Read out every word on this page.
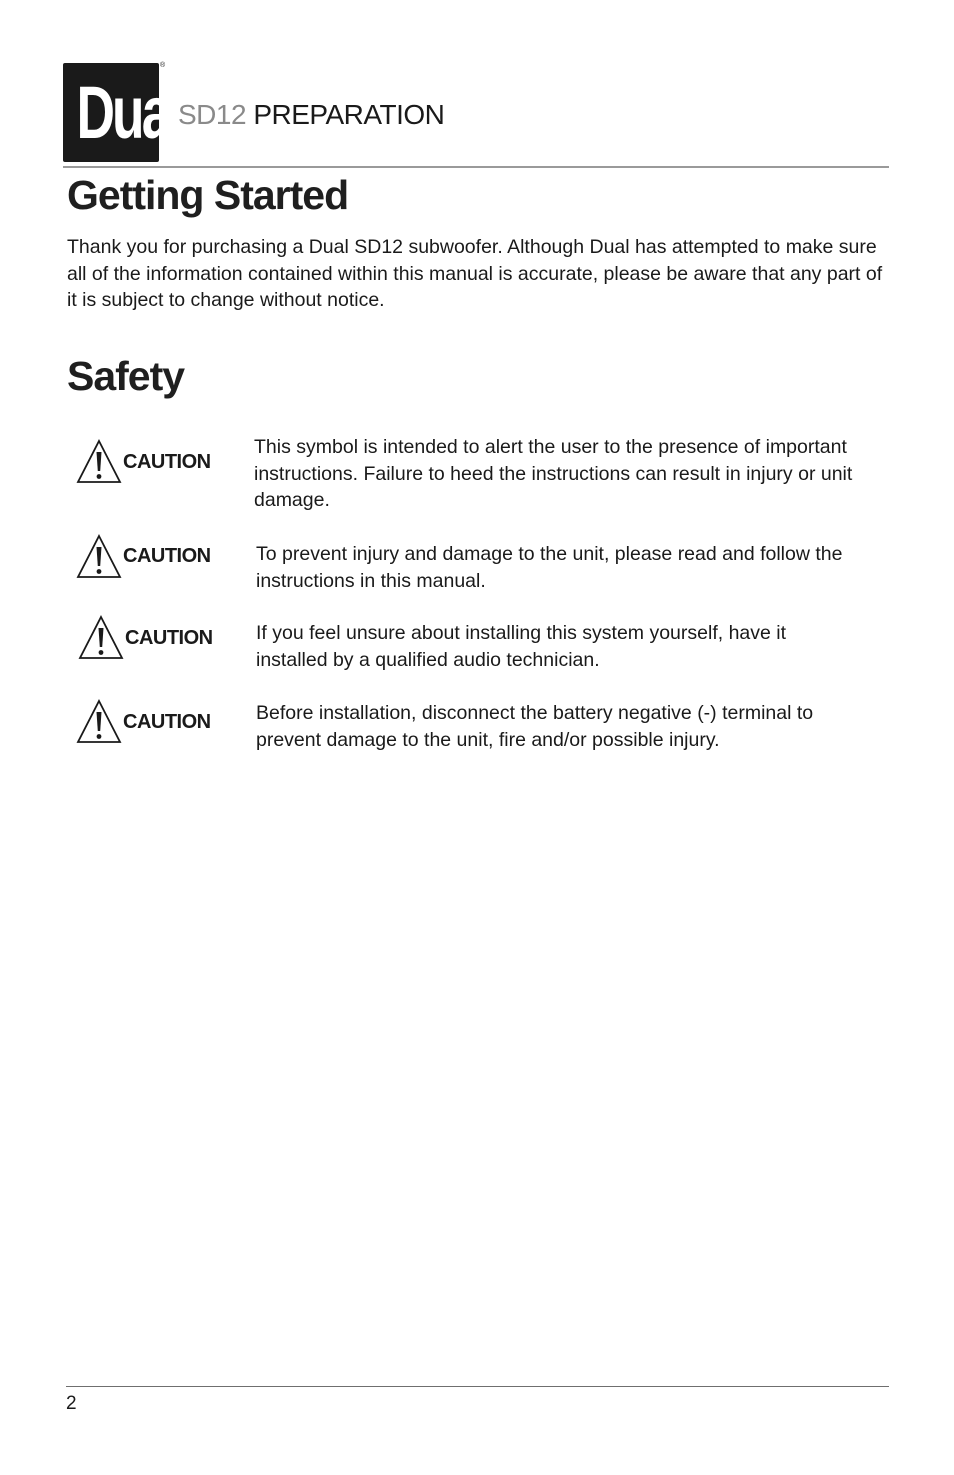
Dual
®
SD12 PREPARATION
Getting Started

Thank you for purchasing a Dual SD12 subwoofer. Although Dual has attempted to make sure all of the information contained within this manual is accurate, please be aware that any part of it is subject to change without notice.

Safety
CAUTION
This symbol is intended to alert the user to the presence of important instructions. Failure to heed the instructions can result in injury or unit damage.
CAUTION To prevent injury and damage to the unit, please read and follow the instructions in this manual.
CAUTION If you feel unsure about installing this system yourself, have it installed by a qualified audio technician.
CAUTION Before installation, disconnect the battery negative (-) terminal to prevent damage to the unit, fire and/or possible injury.
2
